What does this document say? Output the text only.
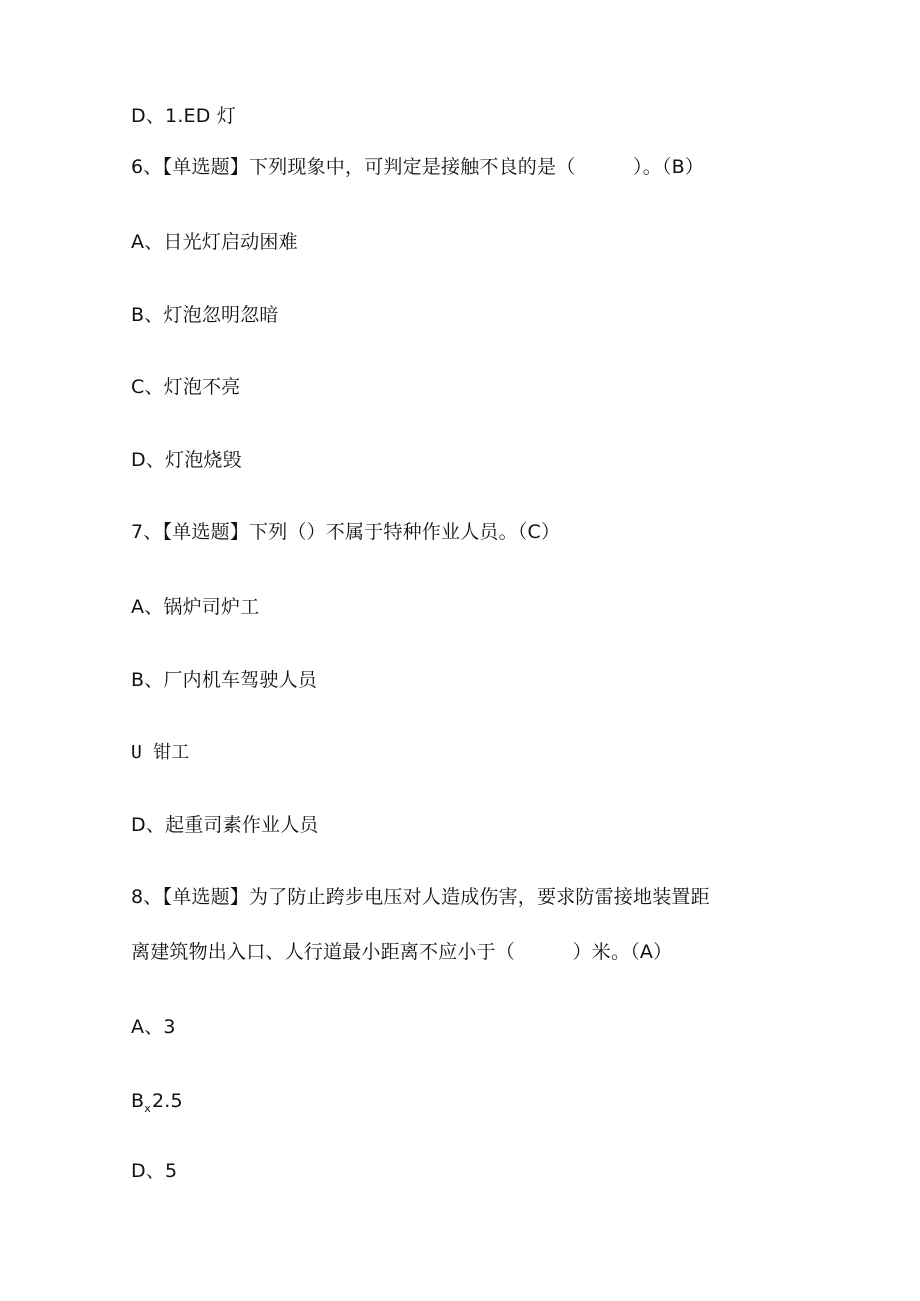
D、1.ED 灯
6、【单选题】下列现象中，可判定是接触不良的是（　　　）。（B）
A、日光灯启动困难
B、灯泡忽明忽暗
C、灯泡不亮
D、灯泡烧毁
7、【单选题】下列（）不属于特种作业人员。（C）
A、锅炉司炉工
B、厂内机车驾驶人员
U 钳工
D、起重司素作业人员
8、【单选题】为了防止跨步电压对人造成伤害，要求防雷接地装置距
离建筑物出入口、人行道最小距离不应小于（　　　）米。（A）
A、3
$B_x2.5$
D、5
